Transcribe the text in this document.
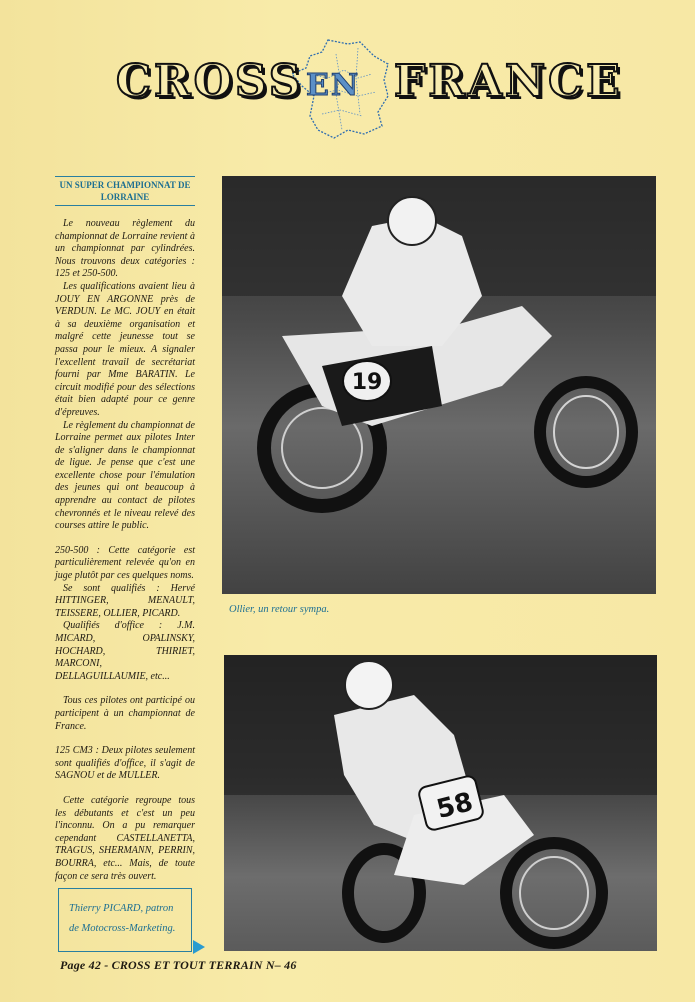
CROSS EN FRANCE
UN SUPER CHAMPIONNAT DE LORRAINE

Le nouveau règlement du championnat de Lorraine revient à un championnat par cylindrées. Nous trouvons deux catégories : 125 et 250-500.

Les qualifications avaient lieu à JOUY EN ARGONNE près de VERDUN. Le MC. JOUY en était à sa deuxième organisation et malgré cette jeunesse tout se passa pour le mieux. A signaler l'excellent travail de secrétariat fourni par Mme BARATIN. Le circuit modifié pour des sélections était bien adapté pour ce genre d'épreuves.

Le règlement du championnat de Lorraine permet aux pilotes Inter de s'aligner dans le championnat de ligue. Je pense que c'est une excellente chose pour l'émulation des jeunes qui ont beaucoup à apprendre au contact de pilotes chevronnés et le niveau relevé des courses attire le public.

250-500 : Cette catégorie est particulièrement relevée qu'on en juge plutôt par ces quelques noms.

Se sont qualifiés : Hervé HITTINGER, MENAULT, TEISSERE, OLLIER, PICARD.

Qualifiés d'office : J.M. MICARD, OPALINSKY, HOCHARD, THIRIET, MARCONI, DELLAGUILLAUMIE, etc...

Tous ces pilotes ont participé ou participent à un championnat de France.

125 CM3 : Deux pilotes seulement sont qualifiés d'office, il s'agit de SAGNOU et de MULLER.

Cette catégorie regroupe tous les débutants et c'est un peu l'inconnu. On a pu remarquer cependant CASTELLANETTA, TRAGUS, SHERMANN, PERRIN, BOURRA, etc... Mais, de toute façon ce sera très ouvert.

19
Ollier, un retour sympa.
58
Thierry PICARD, patron
de Motocross-Marketing.
Page 42 - CROSS ET TOUT TERRAIN N– 46
